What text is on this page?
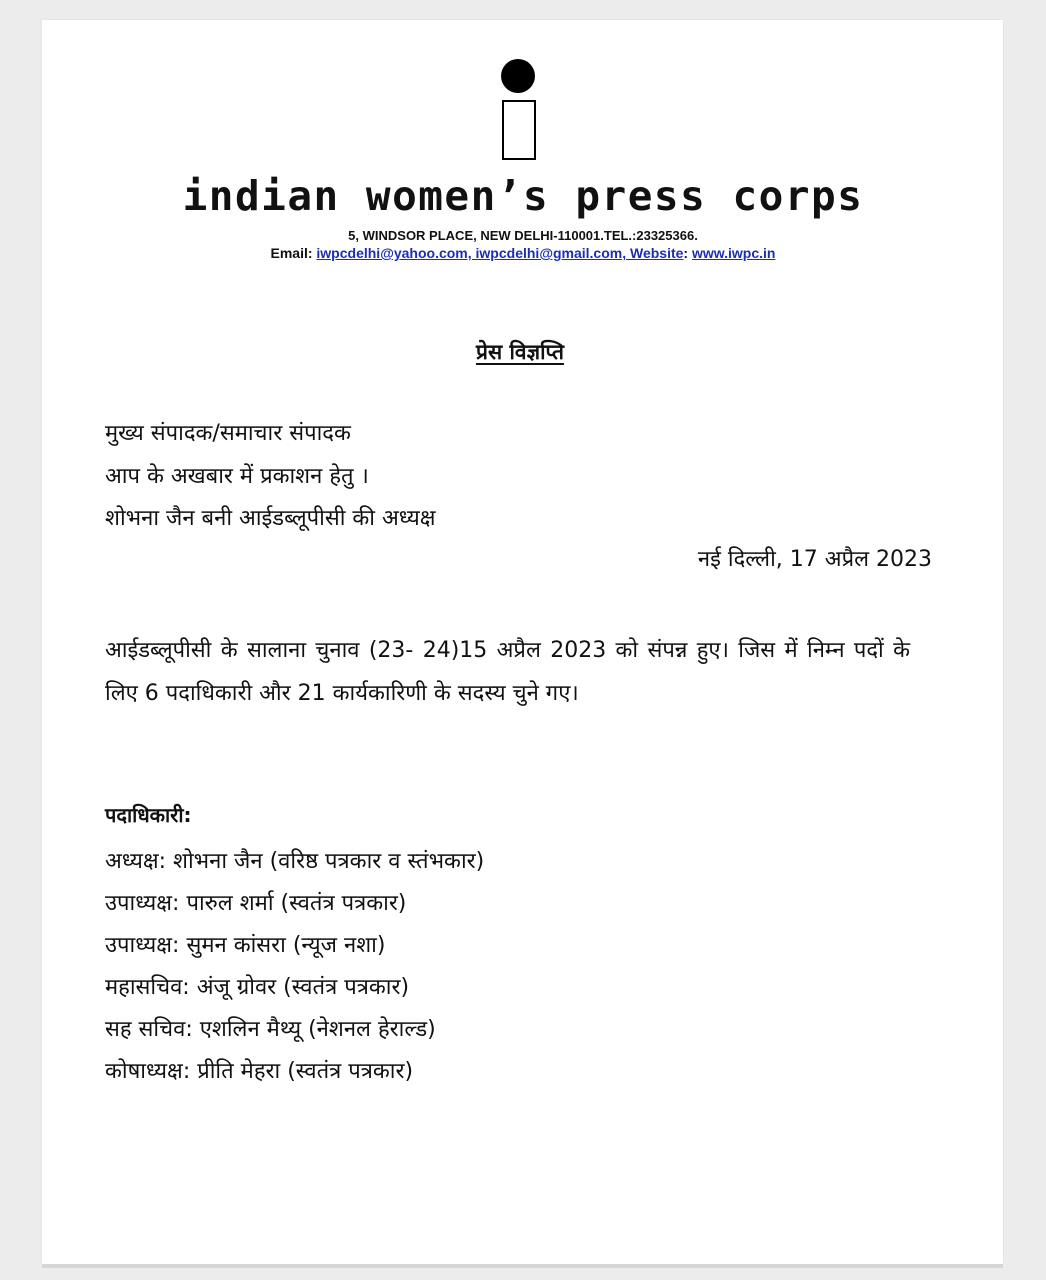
indian women’s press corps
5, WINDSOR PLACE, NEW DELHI-110001.TEL.:23325366.
Email: iwpcdelhi@yahoo.com, iwpcdelhi@gmail.com, Website: www.iwpc.in
प्रेस विज्ञप्ति
मुख्य संपादक/समाचार संपादक
आप के अखबार में प्रकाशन हेतु ।
शोभना जैन बनी आईडब्लूपीसी की अध्यक्ष
नई दिल्ली, 17 अप्रैल 2023
आईडब्लूपीसी के सालाना चुनाव (23- 24)15 अप्रैल 2023 को संपन्न हुए। जिस में निम्न पदों के लिए 6 पदाधिकारी और 21 कार्यकारिणी के सदस्य चुने गए।
पदाधिकारी:
अध्यक्ष: शोभना जैन (वरिष्ठ पत्रकार व स्तंभकार)
उपाध्यक्ष: पारुल शर्मा (स्वतंत्र पत्रकार)
उपाध्यक्ष: सुमन कांसरा (न्यूज नशा)
महासचिव: अंजू ग्रोवर (स्वतंत्र पत्रकार)
सह सचिव: एशलिन मैथ्यू (नेशनल हेराल्ड)
कोषाध्यक्ष: प्रीति मेहरा (स्वतंत्र पत्रकार)
